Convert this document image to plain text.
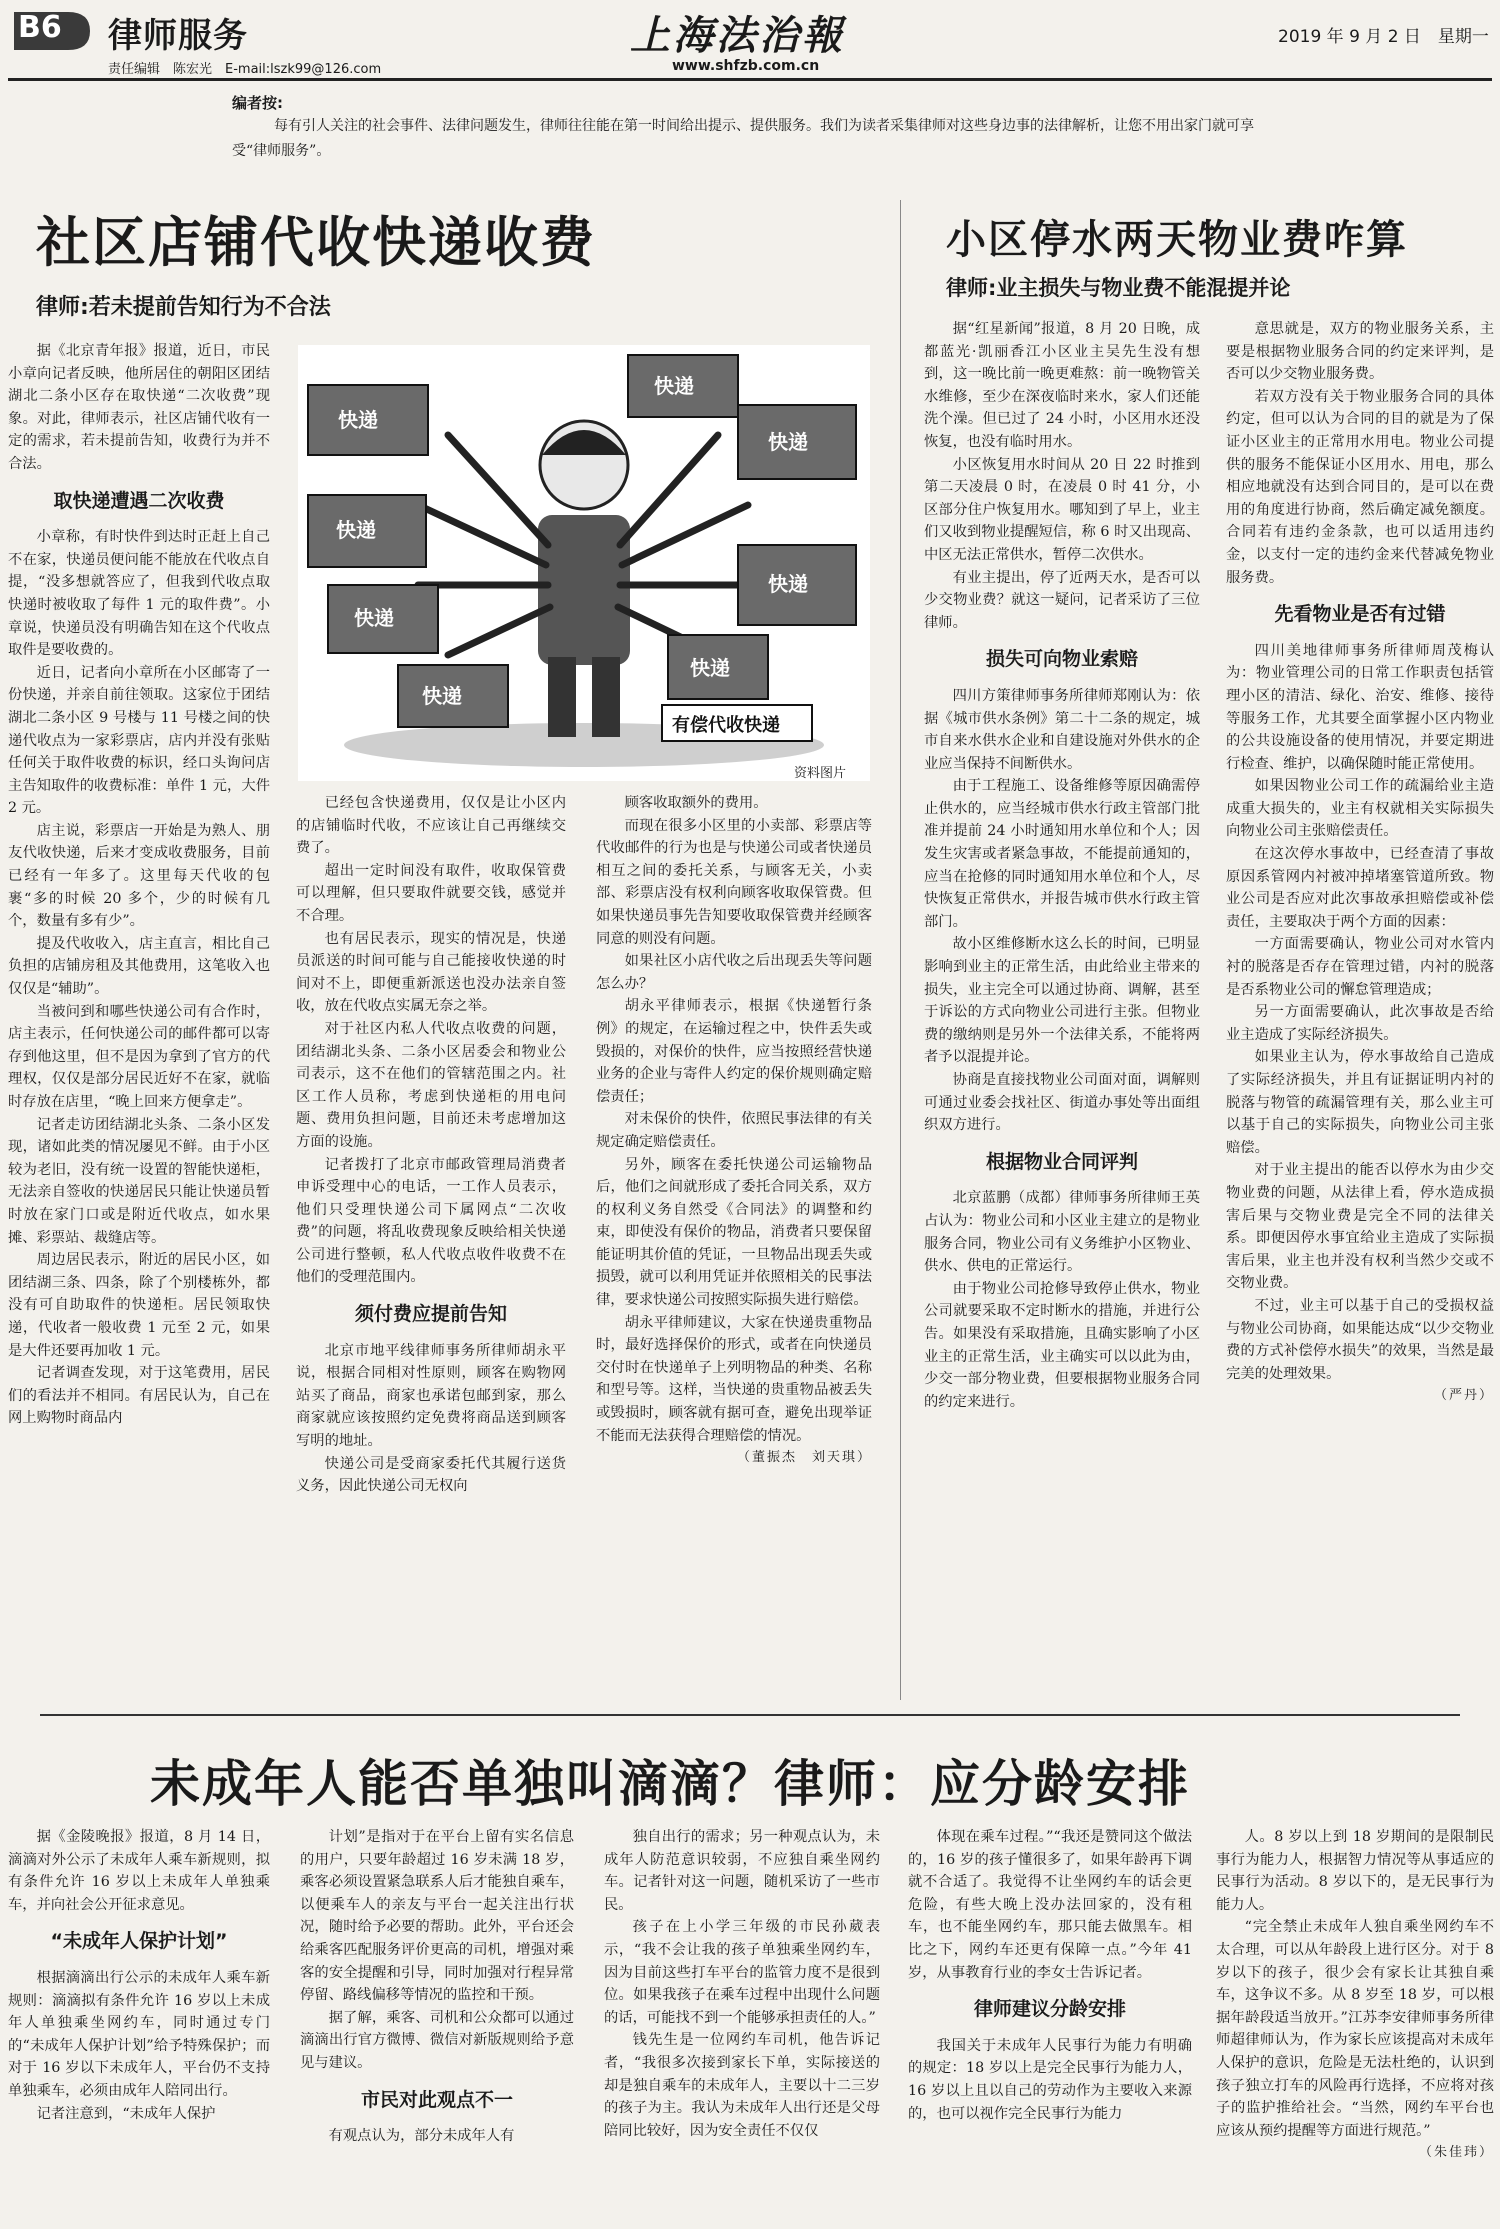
B6 律师服务
责任编辑　陈宏光　E-mail:lszk99@126.com
上海法治報
www.shfzb.com.cn
2019 年 9 月 2 日　星期一
编者按:
每有引人关注的社会事件、法律问题发生，律师往往能在第一时间给出提示、提供服务。我们为读者采集律师对这些身边事的法律解析，让您不用出家门就可享受“律师服务”。
社区店铺代收快递收费
律师:若未提前告知行为不合法

据《北京青年报》报道，近日，市民小章向记者反映，他所居住的朝阳区团结湖北二条小区存在取快递“二次收费”现象。对此，律师表示，社区店铺代收有一定的需求，若未提前告知，收费行为并不合法。

取快递遭遇二次收费

小章称，有时快件到达时正赶上自己不在家，快递员便问能不能放在代收点自提，“没多想就答应了，但我到代收点取快递时被收取了每件 1 元的取件费”。小章说，快递员没有明确告知在这个代收点取件是要收费的。

近日，记者向小章所在小区邮寄了一份快递，并亲自前往领取。这家位于团结湖北二条小区 9 号楼与 11 号楼之间的快递代收点为一家彩票店，店内并没有张贴任何关于取件收费的标识，经口头询问店主告知取件的收费标准：单件 1 元，大件 2 元。

店主说，彩票店一开始是为熟人、朋友代收快递，后来才变成收费服务，目前已经有一年多了。这里每天代收的包裹“多的时候 20 多个，少的时候有几个，数量有多有少”。

提及代收收入，店主直言，相比自己负担的店铺房租及其他费用，这笔收入也仅仅是“辅助”。

当被问到和哪些快递公司有合作时，店主表示，任何快递公司的邮件都可以寄存到他这里，但不是因为拿到了官方的代理权，仅仅是部分居民近好不在家，就临时存放在店里，“晚上回来方便拿走”。

记者走访团结湖北头条、二条小区发现，诸如此类的情况屡见不鲜。由于小区较为老旧，没有统一设置的智能快递柜，无法亲自签收的快递居民只能让快递员暂时放在家门口或是附近代收点，如水果摊、彩票站、裁缝店等。

周边居民表示，附近的居民小区，如团结湖三条、四条，除了个别楼栋外，都没有可自助取件的快递柜。居民领取快递，代收者一般收费 1 元至 2 元，如果是大件还要再加收 1 元。

记者调查发现，对于这笔费用，居民们的看法并不相同。有居民认为，自己在网上购物时商品内

快递
快递
快递
快递
快递
快递
快递
快递
有偿代收快递
资料图片

已经包含快递费用，仅仅是让小区内的店铺临时代收，不应该让自己再继续交费了。

超出一定时间没有取件，收取保管费可以理解，但只要取件就要交钱，感觉并不合理。

也有居民表示，现实的情况是，快递员派送的时间可能与自己能接收快递的时间对不上，即便重新派送也没办法亲自签收，放在代收点实属无奈之举。

对于社区内私人代收点收费的问题，团结湖北头条、二条小区居委会和物业公司表示，这不在他们的管辖范围之内。社区工作人员称，考虑到快递柜的用电问题、费用负担问题，目前还未考虑增加这方面的设施。

记者拨打了北京市邮政管理局消费者申诉受理中心的电话，一工作人员表示，他们只受理快递公司下属网点“二次收费”的问题，将乱收费现象反映给相关快递公司进行整顿，私人代收点收件收费不在他们的受理范围内。

须付费应提前告知

北京市地平线律师事务所律师胡永平说，根据合同相对性原则，顾客在购物网站买了商品，商家也承诺包邮到家，那么商家就应该按照约定免费将商品送到顾客写明的地址。

快递公司是受商家委托代其履行送货义务，因此快递公司无权向

顾客收取额外的费用。

而现在很多小区里的小卖部、彩票店等代收邮件的行为也是与快递公司或者快递员相互之间的委托关系，与顾客无关，小卖部、彩票店没有权利向顾客收取保管费。但如果快递员事先告知要收取保管费并经顾客同意的则没有问题。

如果社区小店代收之后出现丢失等问题怎么办？

胡永平律师表示，根据《快递暂行条例》的规定，在运输过程之中，快件丢失或毁损的，对保价的快件，应当按照经营快递业务的企业与寄件人约定的保价规则确定赔偿责任；

对未保价的快件，依照民事法律的有关规定确定赔偿责任。

另外，顾客在委托快递公司运输物品后，他们之间就形成了委托合同关系，双方的权利义务自然受《合同法》的调整和约束，即使没有保价的物品，消费者只要保留能证明其价值的凭证，一旦物品出现丢失或损毁，就可以利用凭证并依照相关的民事法律，要求快递公司按照实际损失进行赔偿。

胡永平律师建议，大家在快递贵重物品时，最好选择保价的形式，或者在向快递员交付时在快递单子上列明物品的种类、名称和型号等。这样，当快递的贵重物品被丢失或毁损时，顾客就有据可查，避免出现举证不能而无法获得合理赔偿的情况。

（董振杰　刘天琪）

小区停水两天物业费咋算
律师:业主损失与物业费不能混提并论

据“红星新闻”报道，8 月 20 日晚，成都蓝光·凯丽香江小区业主吴先生没有想到，这一晚比前一晚更难熬：前一晚物管关水维修，至少在深夜临时来水，家人们还能洗个澡。但已过了 24 小时，小区用水还没恢复，也没有临时用水。

小区恢复用水时间从 20 日 22 时推到第二天凌晨 0 时，在凌晨 0 时 41 分，小区部分住户恢复用水。哪知到了早上，业主们又收到物业提醒短信，称 6 时又出现高、中区无法正常供水，暂停二次供水。

有业主提出，停了近两天水，是否可以少交物业费？就这一疑问，记者采访了三位律师。

损失可向物业索赔

四川方策律师事务所律师郑刚认为：依据《城市供水条例》第二十二条的规定，城市自来水供水企业和自建设施对外供水的企业应当保持不间断供水。

由于工程施工、设备维修等原因确需停止供水的，应当经城市供水行政主管部门批准并提前 24 小时通知用水单位和个人；因发生灾害或者紧急事故，不能提前通知的，应当在抢修的同时通知用水单位和个人，尽快恢复正常供水，并报告城市供水行政主管部门。

故小区维修断水这么长的时间，已明显影响到业主的正常生活，由此给业主带来的损失，业主完全可以通过协商、调解，甚至于诉讼的方式向物业公司进行主张。但物业费的缴纳则是另外一个法律关系，不能将两者予以混提并论。

协商是直接找物业公司面对面，调解则可通过业委会找社区、街道办事处等出面组织双方进行。

根据物业合同评判

北京蓝鹏（成都）律师事务所律师王英占认为：物业公司和小区业主建立的是物业服务合同，物业公司有义务维护小区物业、供水、供电的正常运行。

由于物业公司抢修导致停止供水，物业公司就要采取不定时断水的措施，并进行公告。如果没有采取措施，且确实影响了小区业主的正常生活，业主确实可以以此为由，少交一部分物业费，但要根据物业服务合同的约定来进行。

意思就是，双方的物业服务关系，主要是根据物业服务合同的约定来评判，是否可以少交物业服务费。

若双方没有关于物业服务合同的具体约定，但可以认为合同的目的就是为了保证小区业主的正常用水用电。物业公司提供的服务不能保证小区用水、用电，那么相应地就没有达到合同目的，是可以在费用的角度进行协商，然后确定减免额度。合同若有违约金条款，也可以适用违约金，以支付一定的违约金来代替减免物业服务费。

先看物业是否有过错

四川美地律师事务所律师周茂梅认为：物业管理公司的日常工作职责包括管理小区的清洁、绿化、治安、维修、接待等服务工作，尤其要全面掌握小区内物业的公共设施设备的使用情况，并要定期进行检查、维护，以确保随时能正常使用。

如果因物业公司工作的疏漏给业主造成重大损失的，业主有权就相关实际损失向物业公司主张赔偿责任。

在这次停水事故中，已经查清了事故原因系管网内衬被冲掉堵塞管道所致。物业公司是否应对此次事故承担赔偿或补偿责任，主要取决于两个方面的因素：

一方面需要确认，物业公司对水管内衬的脱落是否存在管理过错，内衬的脱落是否系物业公司的懈怠管理造成；

另一方面需要确认，此次事故是否给业主造成了实际经济损失。

如果业主认为，停水事故给自己造成了实际经济损失，并且有证据证明内衬的脱落与物管的疏漏管理有关，那么业主可以基于自己的实际损失，向物业公司主张赔偿。

对于业主提出的能否以停水为由少交物业费的问题，从法律上看，停水造成损害后果与交物业费是完全不同的法律关系。即便因停水事宜给业主造成了实际损害后果，业主也并没有权利当然少交或不交物业费。

不过，业主可以基于自己的受损权益与物业公司协商，如果能达成“以少交物业费的方式补偿停水损失”的效果，当然是最完美的处理效果。

（严丹）

未成年人能否单独叫滴滴？律师：应分龄安排

据《金陵晚报》报道，8 月 14 日，滴滴对外公示了未成年人乘车新规则，拟有条件允许 16 岁以上未成年人单独乘车，并向社会公开征求意见。

“未成年人保护计划”

根据滴滴出行公示的未成年人乘车新规则：滴滴拟有条件允许 16 岁以上未成年人单独乘坐网约车，同时通过专门的“未成年人保护计划”给予特殊保护；而对于 16 岁以下未成年人，平台仍不支持单独乘车，必须由成年人陪同出行。

记者注意到，“未成年人保护

计划”是指对于在平台上留有实名信息的用户，只要年龄超过 16 岁未满 18 岁，乘客必须设置紧急联系人后才能独自乘车，以便乘车人的亲友与平台一起关注出行状况，随时给予必要的帮助。此外，平台还会给乘客匹配服务评价更高的司机，增强对乘客的安全提醒和引导，同时加强对行程异常停留、路线偏移等情况的监控和干预。

据了解，乘客、司机和公众都可以通过滴滴出行官方微博、微信对新版规则给予意见与建议。

市民对此观点不一

有观点认为，部分未成年人有

独自出行的需求；另一种观点认为，未成年人防范意识较弱，不应独自乘坐网约车。记者针对这一问题，随机采访了一些市民。

孩子在上小学三年级的市民孙葳表示，“我不会让我的孩子单独乘坐网约车，因为目前这些打车平台的监管力度不是很到位。如果我孩子在乘车过程中出现什么问题的话，可能找不到一个能够承担责任的人。”

钱先生是一位网约车司机，他告诉记者，“我很多次接到家长下单，实际接送的却是独自乘车的未成年人，主要以十二三岁的孩子为主。我认为未成年人出行还是父母陪同比较好，因为安全责任不仅仅

体现在乘车过程。”“我还是赞同这个做法的，16 岁的孩子懂很多了，如果年龄再下调就不合适了。我觉得不让坐网约车的话会更危险，有些大晚上没办法回家的，没有租车，也不能坐网约车，那只能去做黑车。相比之下，网约车还更有保障一点。”今年 41 岁，从事教育行业的李女士告诉记者。

律师建议分龄安排

我国关于未成年人民事行为能力有明确的规定：18 岁以上是完全民事行为能力人，16 岁以上且以自己的劳动作为主要收入来源的，也可以视作完全民事行为能力

人。8 岁以上到 18 岁期间的是限制民事行为能力人，根据智力情况等从事适应的民事行为活动。8 岁以下的，是无民事行为能力人。

“完全禁止未成年人独自乘坐网约车不太合理，可以从年龄段上进行区分。对于 8 岁以下的孩子，很少会有家长让其独自乘车，这争议不多。从 8 岁至 18 岁，可以根据年龄段适当放开。”江苏李安律师事务所律师超律师认为，作为家长应该提高对未成年人保护的意识，危险是无法杜绝的，认识到孩子独立打车的风险再行选择，不应将对孩子的监护推给社会。“当然，网约车平台也应该从预约提醒等方面进行规范。”

（朱佳玮）
